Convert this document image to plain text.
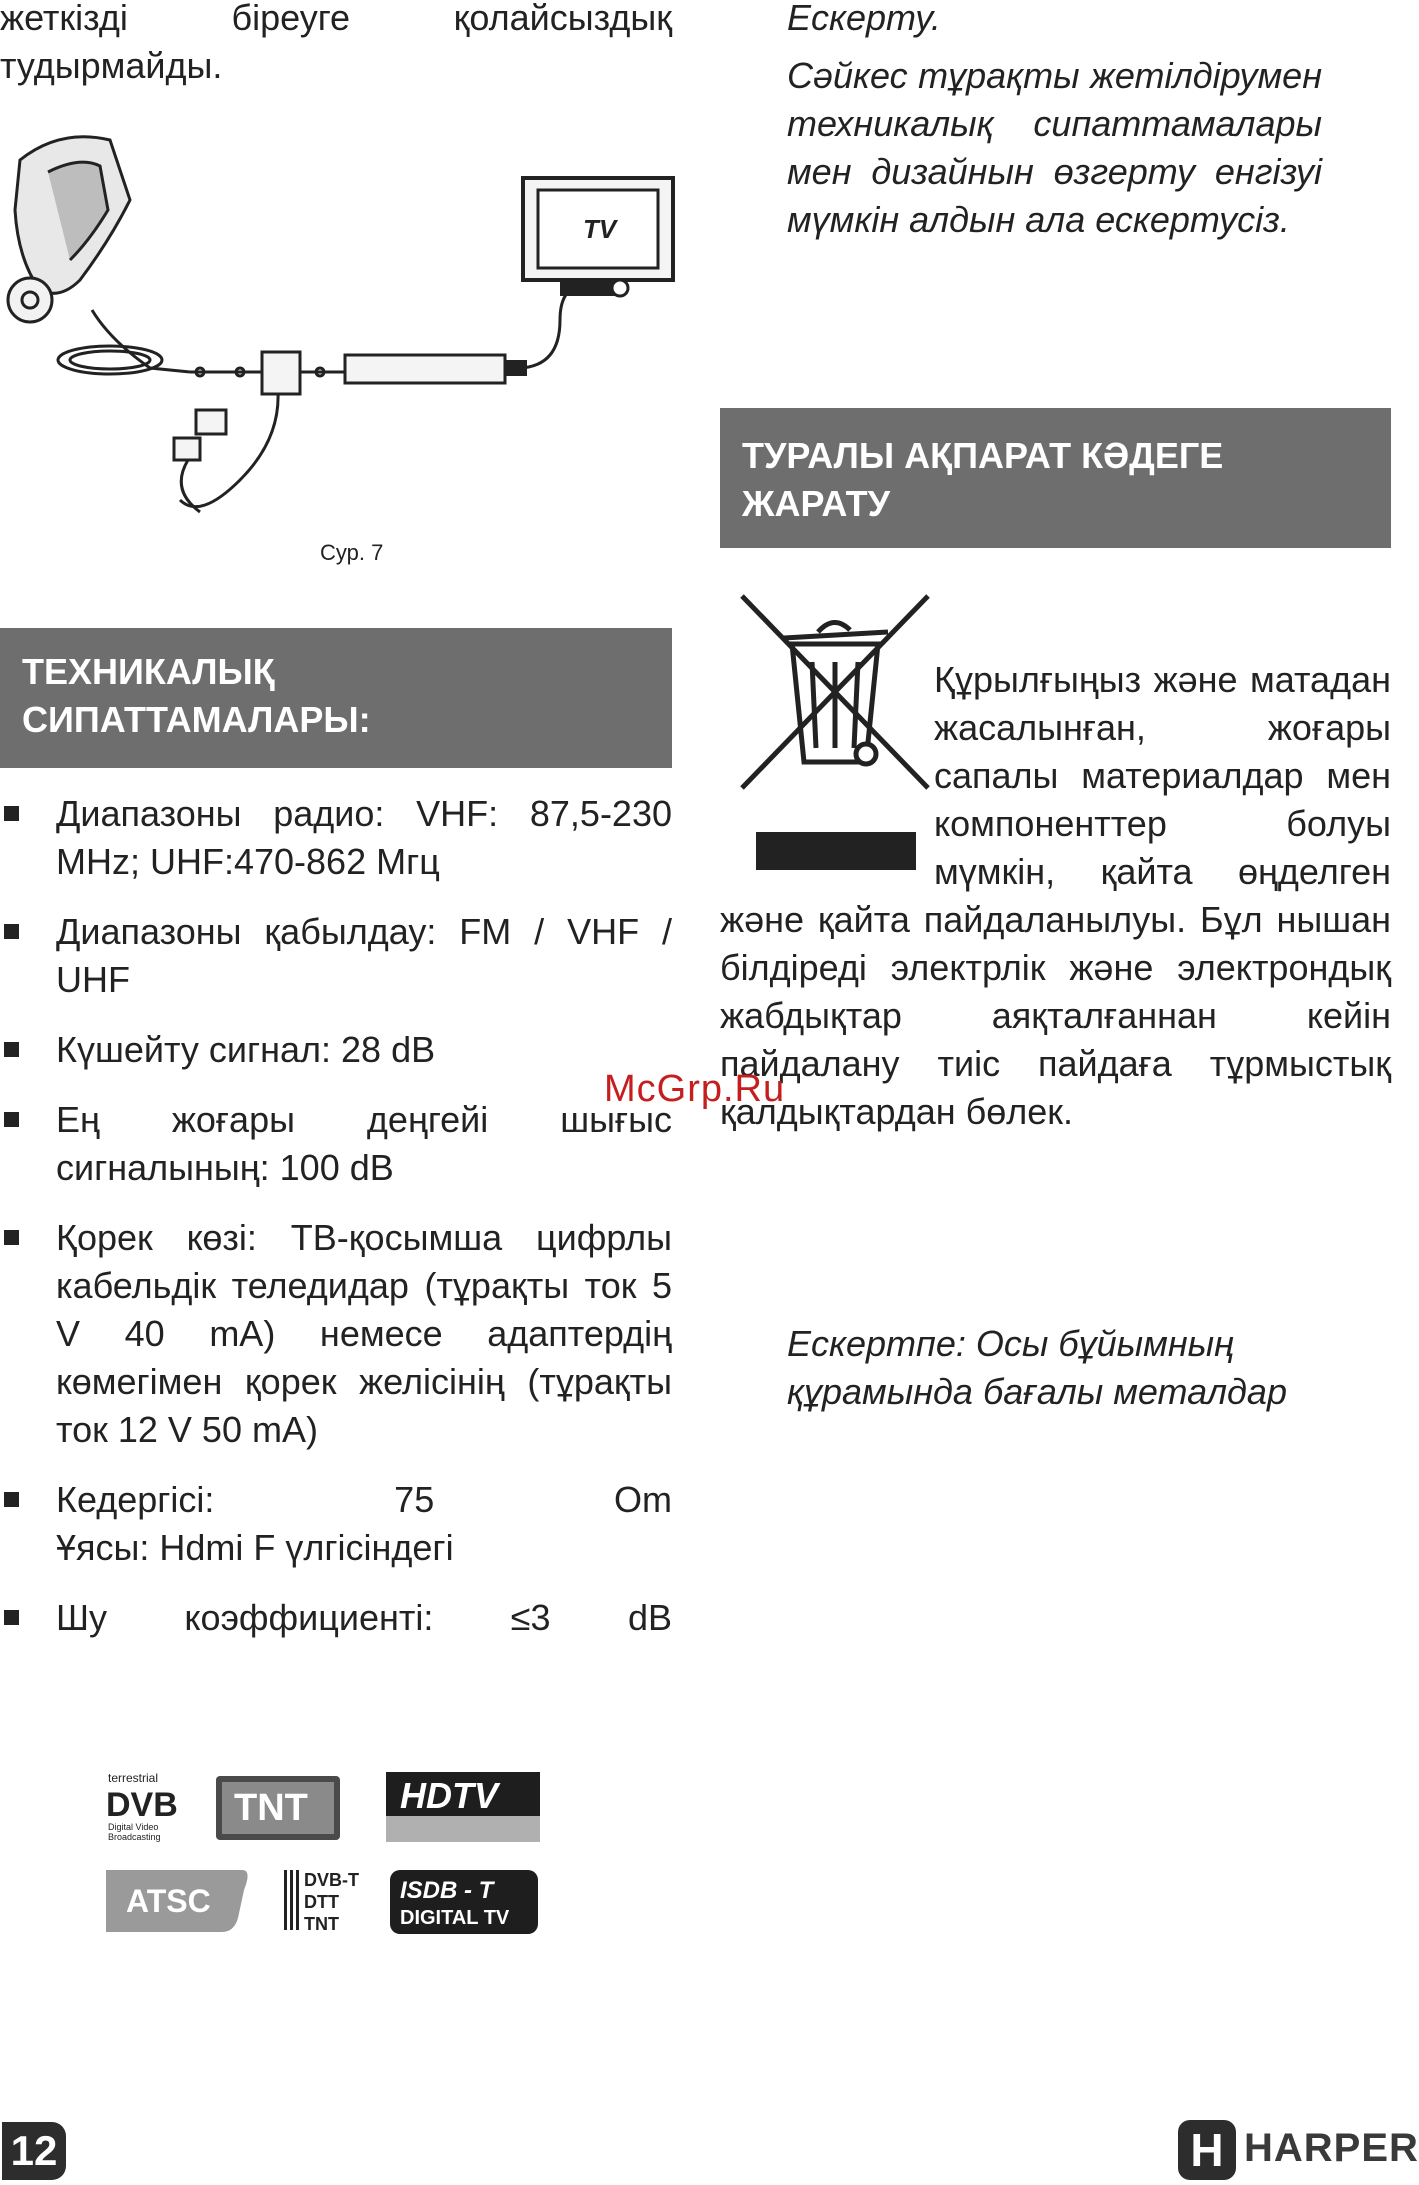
жеткізді біреуге қолайсыздық
тудырмайды.
TV
Сур. 7
ТЕХНИКАЛЫҚ
СИПАТТАМАЛАРЫ:
Диапазоны радио: VHF: 87,5-230 MHz; UHF:470-862 Мгц
Диапазоны қабылдау: FM / VHF / UHF
Күшейту сигнал: 28 dB
Ең жоғары деңгейі шығыс сигналының: 100 dB
Қорек көзі: ТВ-қосымша цифрлы кабельдік теледидар (тұрақты ток 5 V 40 mA) немесе адаптердің көмегімен қорек желісінің (тұрақты ток 12 V 50 mA)
Кедергісі: 75 Om
Ұясы: Hdmi F үлгісіндегі
Шу коэффициенті: ≤3 dB
terrestrial
DVB
Digital Video
Broadcasting
TNT	HDTV
ATSC
DVB-T
DTT
TNT
ISDB - T
DIGITAL TV
Ескерту.
Сәйкес тұрақты жетілдірумен техникалық сипаттамалары мен дизайнын өзгерту енгізуі мүмкін алдын ала ескертусіз.
ТУРАЛЫ АҚПАРАТ КӘДЕГЕ
ЖАРАТУ
Құрылғыңыз және матадан жасалынған, жоғары сапалы материалдар мен компоненттер болуы мүмкін, қайта өңделген және қайта пайдаланылуы. Бұл нышан білдіреді электрлік және электрондық жабдықтар аяқталғаннан кейін пайдалану тиіс пайдаға тұрмыстық қалдықтардан бөлек.
McGrp.Ru
Ескертпе: Осы бұйымның құрамында бағалы металдар
12	H HARPER
